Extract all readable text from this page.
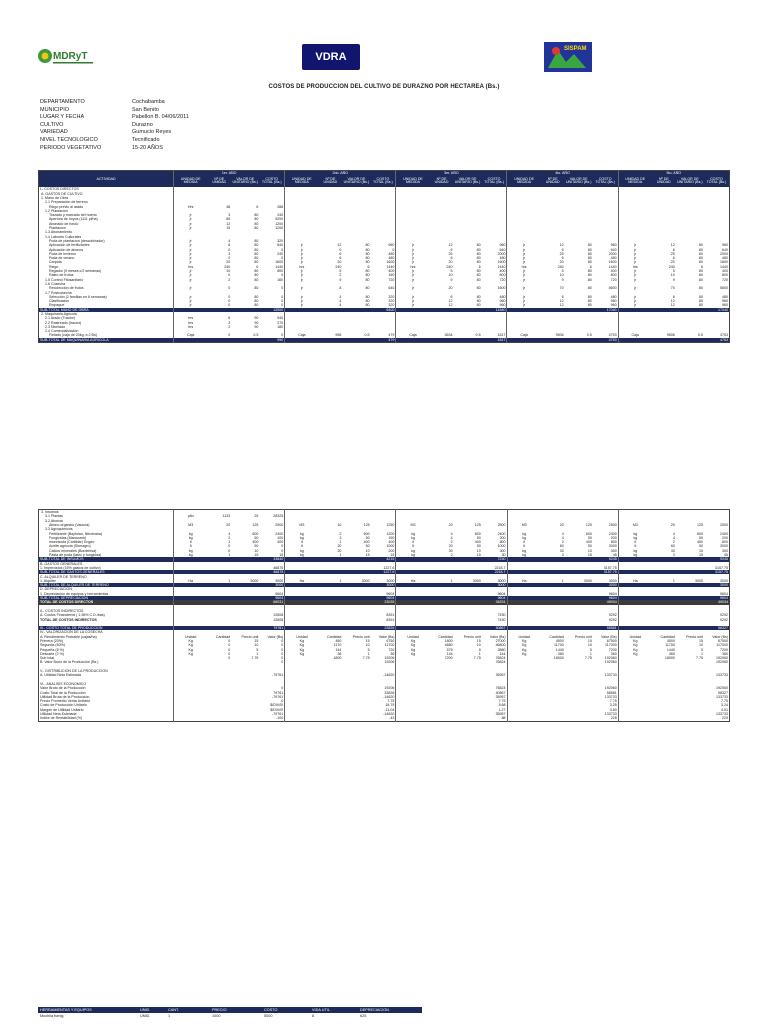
MDRyT	VDRA
SISPAM
COSTOS DE PRODUCCION DEL CULTIVO DE DURAZNO POR HECTAREA (Bs.)
DEPARTAMENTO	Cochabamba
MUNICIPIO	San Benito
LUGAR Y FECHA	Pabellon B. 04/06/2011
CULTIVO	Durazno
VARIEDAD	Gumucio Reyes
NIVEL TECNOLOGICO	Tecnificado
PERIODO VEGETATIVO	15-20 AÑOS
ACTIVIDAD	1er. AÑO				2do. AÑO				3er. AÑO				4to. AÑO				5to. AÑO			
	UNIDAD DE MEDIDA	Nº DE UNIDAD	VALOR DE UNITARIO (Bs.)	COSTO TOTAL (Bs.)	UNIDAD DE MEDIDA	Nº DE UNIDAD	VALOR DE UNITARIO (Bs.)	COSTO TOTAL (Bs.)	UNIDAD DE MEDIDA	Nº DE UNIDAD	VALOR DE UNITARIO (Bs.)	COSTO TOTAL (Bs.)	UNIDAD DE MEDIDA	Nº DE UNIDAD	VALOR DE UNITARIO (Bs.)	COSTO TOTAL (Bs.)	UNIDAD DE MEDIDA	Nº DE UNIDAD	VALOR DE UNITARIO (Bs.)	COSTO TOTAL (Bs.)
I.- COSTOS DIRECTOS																				
A. GASTOS DE CULTIVO																				
1. Mano de Obra																				
1.1 Preparación de terreno																				
Riego previo al arado	Hrs	48	6	288																
1.2 Plantación																				
Trazado y marcado del huerto	jr	3	80	240																
Apertura de hoyos (1111 pl/ha)	jr	65	80	5200																
Abonado de fondo	jr	12	80	1200																
Plantacion	jr	15	80	1200																
1.3 Abonamiento																				
1.4 Labores Culturales																				
Poda de plantacion (descolchador)	jr	4	80	320																
Aplicación de fertilizantes	jr	8	80	640	jr	12	80	960	jr	12	80	960	jr	12	80	960	jr	12	80	960
Aplicación de abonos	jr	0	80	0	jr	0	80	0	jr	6	80	640	jr	6	80	640	jr	6	80	640
Poda de invierno	jr	3	80	240	jr	6	80	480	jr	25	80	2000	jr	25	80	2000	jr	25	80	2000
Poda de verano	jr	0	80	0	jr	6	80	480	jr	6	80	480	jr	6	80	480	jr	6	80	480
Carpida	jr	20	80	1600	jr	20	80	1600	jr	20	80	1600	jr	20	80	1600	jr	20	80	1600
Riego	hrs	240	6	1440	hrs	240	6	1440	hrs	240	6	1440	hrs	240	6	1440	hrs	240	6	1440
Regador (9 meses c/2 semanas)	jr	10	80	800	jr	5	80	400	jr	5	80	400	jr	5	80	400	jr	5	80	400
Raleo de frutos	jr	0	80	0	jr	2	80	160	jr	10	80	800	jr	10	80	800	jr	10	80	800
1.5 Control Fitosanitario	jr	2	80	160	jr	9	80	720	jr	9	80	720	jr	9	80	720	jr	9	80	720
1.6 Cosecha																				
Recolección de frutos	jr	0	80	0	jr	8	80	640	jr	20	80	1600	jr	70	80	5600	jr	70	80	5600
1.7 Postcosecha																				
Selección (2 familias en 6 semanas)	jr	0	80	0	jr	4	80	320	jr	6	80	480	jr	6	80	480	jr	6	80	480
Clasificacion	jr	0	80	0	jr	4	80	320	jr	12	80	960	jr	12	80	960	jr	12	80	960
Empaque	jr	0	80	0	jr	4	80	320	jr	12	80	960	jr	12	80	960	jr	12	80	960
SUB-TOTAL MANO DE OBRA				12000				6400				11840				17040				17040
2. Maquinaria Agrícola																				
2.1 Arado (Tractor)	hrs	6	90	540																
2.2 Rastreado (tractor)	hrs	3	90	270																
2.3 Nivelado	hrs	2	90	180																
2.4 Comercialización																				
Fletado (caja de 20kg. a 2 Bs)	Caja	0	0.5	0	Caja	958	0.5	479	Caja	3634	0.5	1817	Caja	9506	0.5	4753	Caja	9506	0.5	4753
SUB-TOTAL DE MAQUINARIA AGRICOLA				990				479				1817				4753				4753
3. Insumos																				
3.1 Plantas	pltn	1133	25	28325																
3.2 Abonos																				
Abono organico (Vacuna)	M3	20	125	2500	M3	10	125	1250	M3	20	125	2500	M3	20	125	2500	M3	20	125	2500
3.3 Agroquimicos																				
Fertilizante (Bayfolan, Nitrofoska)	kg	4	600	2400	kg	2	600	1200	kg	4	600	2400	kg	4	600	2400	kg	4	600	2400
Fungicidas (Mancozeb)	kg	2	50	100	kg	3	50	150	kg	4	50	200	kg	4	50	200	kg	4	50	200
Insecticida (Cartildar) Engeo	lt	1	400	400	lt	1	400	400	lt	2	400	800	lt	2	400	800	lt	2	400	800
Aceite agricola (Sheragro)	lt	0	50	0	lt	20	50	1000	lt	20	50	1000	lt	60	50	3000	lt	60	50	3000
Caldos minerales (Bordelesa)	kg	0	10	0	kg	20	10	200	kg	30	10	300	kg	30	10	300	kg	30	10	300
Pasta de poda (latex y fungicida)	kg	1	15	15	kg	1	15	15	kg	2	15	30	kg	3	15	45	kg	3	15	45
SUB-TOTAL DE INSUMOS				33840				4215				7230				9245				9245
B. GASTOS GENERALES																				
1. Imprevistos (15% gastos de cultivo)				46875				1227.6				2218.7				3157.75				3157.75
SUB-TOTAL DE GASTOS GENERALES				46875				1227.6				2218.7				3157.75				3157.75
C. ALQUILER DE TERRENO																				
1. Alquiler	Ha	1	3000	3000	Ha	1	3000	3000	Ha	1	3000	3000	Ha	1	3000	3000	Ha	1	3000	3000
SUB-TOTAL DE ALQUILER DE TERRENO				3000				3000				3000				3000				3000
D. DEPRECIACION																				
1. Depreciación de equipos y herramientas				9604				9604				9604				9604				9604
SUB-TOTAL DEPRECIACION				9604				9604				9604				9604				9604
TOTAL DE COSTOS DIRECTOS				66031				23035				34531				49034				49034

II.- COSTOS INDIRECTOS																				
A. Costos Financieros ( 1.98% C.D./bas)				12608				8391				7430				9292				9292
TOTAL DE COSTOS INDIRECTOS				12608				8391				7430				9292				9292

III.- COSTO TOTAL DE PRODUCCION				79761				23826				40867				58581				58327
IV.- VALORIZACION DE LA COSECHA																				
A. Rendimiento Probable (cajas/ha)	Unidad	Cantidad	Precio unit	Valor (Bs)	Unidad	Cantidad	Precio unit	Valor (Bs)	Unidad	Cantidad	Precio unit	Valor (Bs)	Unidad	Cantidad	Precio unit	Valor (Bs)	Unidad	Cantidad	Precio unit	Valor (Bs)
Primera (20%)	Kg	0	15	0	Kg	450	15	6750	Kg	1800	15	27000	Kg	4500	15	67500	Kg	4500	15	67500
Segunda (60%)	Kg	0	10	0	Kg	1170	10	11700	Kg	4680	10	46800	Kg	11700	10	117000	Kg	11700	10	117000
Pequeña (8 %)	Kg	0	5	0	Kg	144	5	720	Kg	576	5	2880	Kg	1440	5	7200	Kg	1440	5	7200
Descarte (2 %)	Kg	0	1	0	Kg	36	1	36	Kg	144	1	144	Kg	360	1	360	Kg	360	1	360
Sub total		0	7.75	0		1800	7.75	19206		7200	7.75	76824		18000	7.75	192060		18000	7.75	192060
B. Valor Bruto de la Producción (Bs.)				0				19206				76824				192060				192060

V.- DISTRIBUCION DE LA PRODUCCION																				
A. Utilidad Neta Estimada				-79761				-14620				35957				133733				133733

VI.- ANALISIS ECONOMICO																				
Valor Bruto de la Producción				0				19206				76824				192060				192060
Costo Total de la Producción				79761				33826				40867				58581				58327
Utilidad Bruta de la Producción				-79761				-14620				35957				133733				133733
Precio Promedio Venta Unitario				0				7.75				7.75				7.75				7.75
Costo de Producción Unitario				$/DIV/0!				18.79				5.68				3.25				3.24
Margen de Utilidad Unitario				$/DIV/0!				-11.04				1.27				4.50				4.51
Utilidad Neta Estimada				-79761				-14620				35957				133733				133733
Indice de Rentabilidad (%)				-100				-43				88				228				229
HERRAMIENTAS Y EQUIPOS	UNID.	CANT.	PRECIO	COSTO	VIDA UTIL	DEPRECIACION
Mochila fumig.	UNID.	1	1000	5000	8	625
